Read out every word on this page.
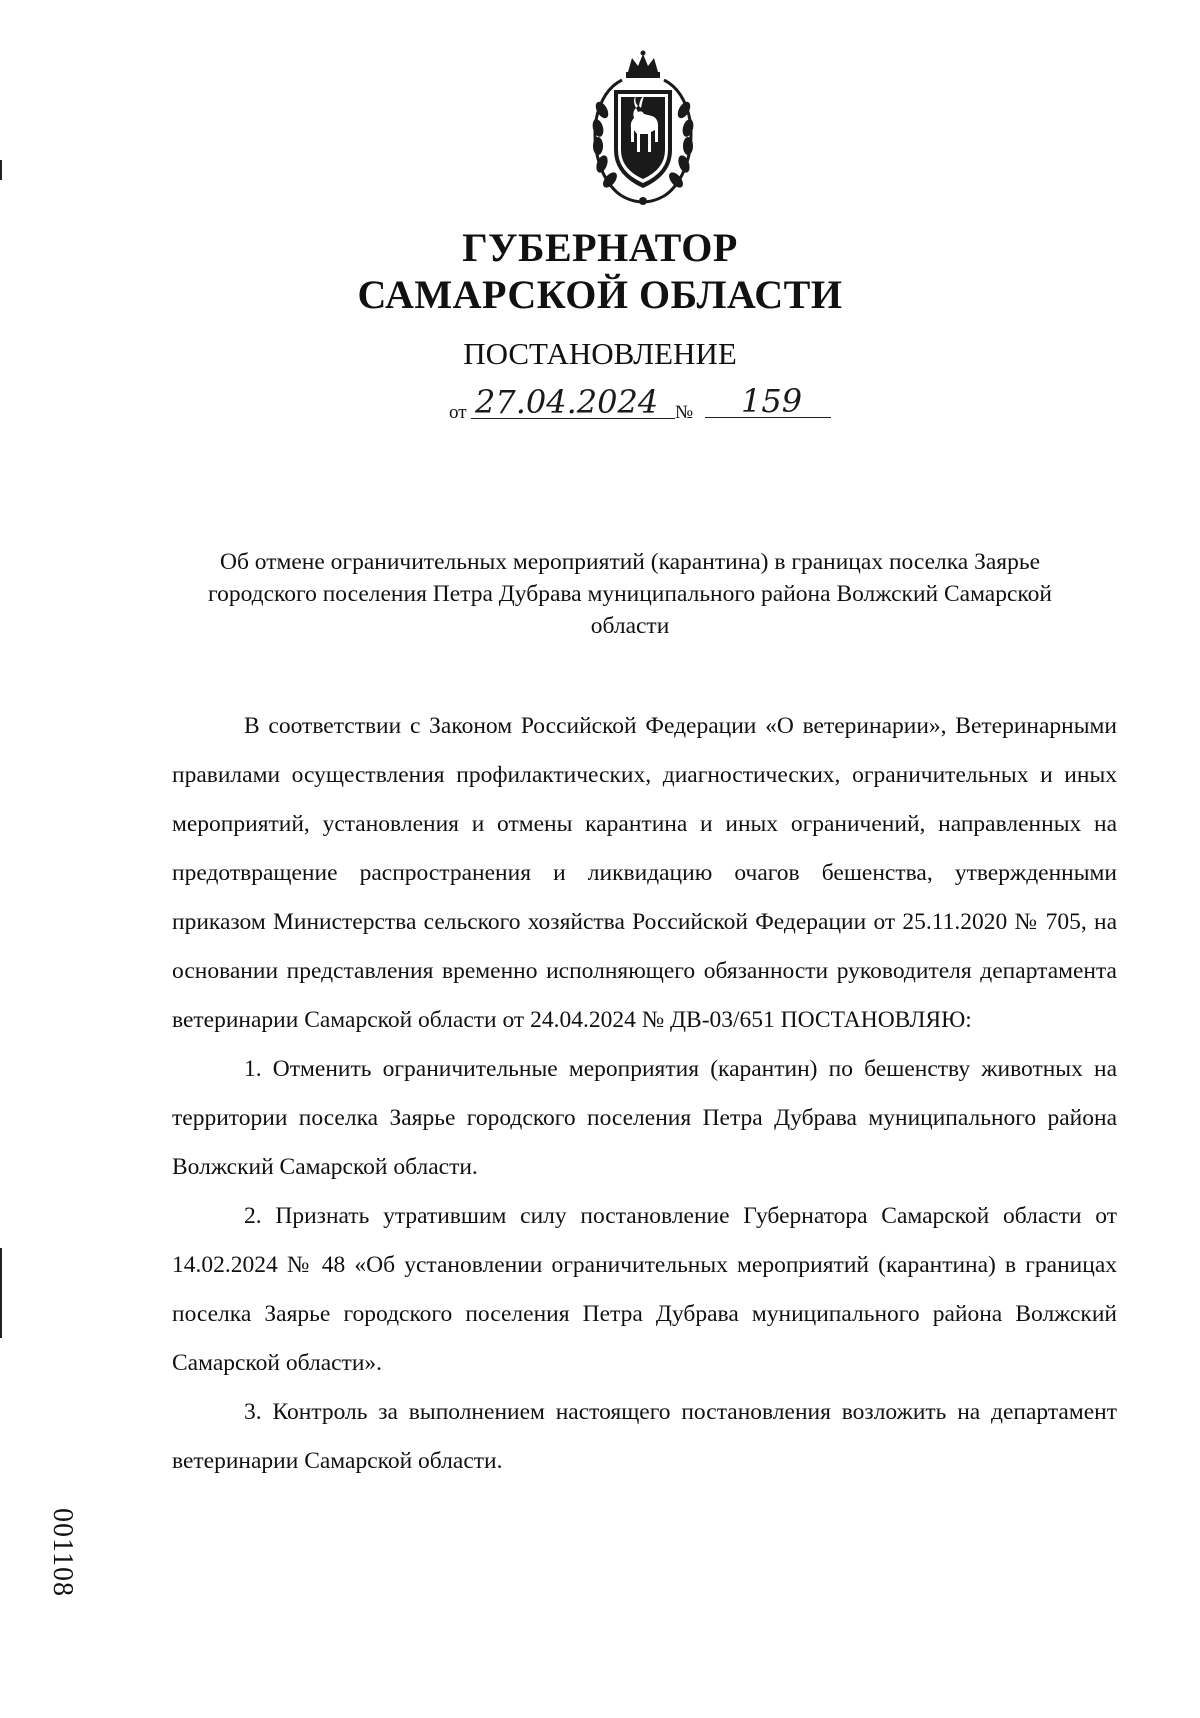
ГУБЕРНАТОР
САМАРСКОЙ ОБЛАСТИ
ПОСТАНОВЛЕНИЕ
от 27.04.2024 №	159
Об отмене ограничительных мероприятий (карантина) в границах поселка Заярье городского поселения Петра Дубрава муниципального района Волжский Самарской области

В соответствии с Законом Российской Федерации «О ветеринарии», Ветеринарными правилами осуществления профилактических, диагностических, ограничительных и иных мероприятий, установления и отмены карантина и иных ограничений, направленных на предотвращение распространения и ликвидацию очагов бешенства, утвержденными приказом Министерства сельского хозяйства Российской Федерации от 25.11.2020 № 705, на основании представления временно исполняющего обязанности руководителя департамента ветеринарии Самарской области от 24.04.2024 № ДВ-03/651 ПОСТАНОВЛЯЮ:

1. Отменить ограничительные мероприятия (карантин) по бешенству животных на территории поселка Заярье городского поселения Петра Дубрава муниципального района Волжский Самарской области.

2. Признать утратившим силу постановление Губернатора Самарской области от 14.02.2024 № 48 «Об установлении ограничительных мероприятий (карантина) в границах поселка Заярье городского поселения Петра Дубрава муниципального района Волжский Самарской области».

3. Контроль за выполнением настоящего постановления возложить на департамент ветеринарии Самарской области.

001108
